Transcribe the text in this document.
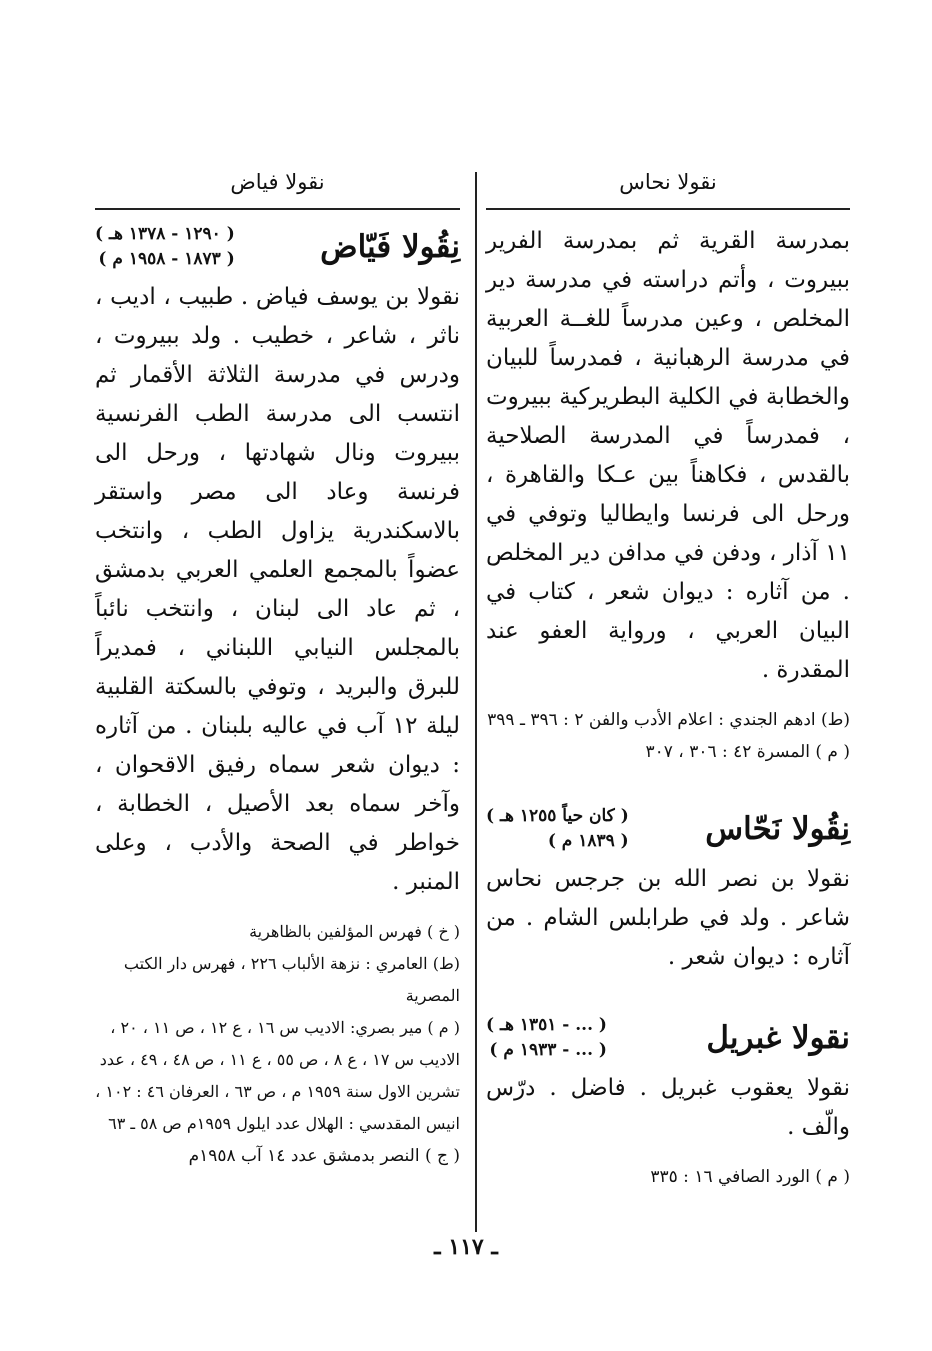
نقولا نحاس

بمدرسة القرية ثم بمدرسة الفرير ببيروت ، وأتم دراسته في مدرسة دير المخلص ، وعين مدرساً للغــة العربية في مدرسة الرهبانية ، فمدرساً للبيان والخطابة في الكلية البطريركية ببيروت ، فمدرساً في المدرسة الصلاحية بالقدس ، فكاهناً بين عـكا والقاهرة ، ورحل الى فرنسا وايطاليا وتوفي في ١١ آذار ، ودفن في مدافن دير المخلص . من آثاره : ديوان شعر ، كتاب في البيان العربي ، ورواية العفو عند المقدرة .

(ط) ادهم الجندي : اعلام الأدب والفن ٢ : ٣٩٦ ـ ٣٩٩

( م ) المسرة ٤٢ : ٣٠٦ ، ٣٠٧

نِقُولا نَحّاس
( كان حياً ١٢٥٥ هـ )
( ١٨٣٩ م )

نقولا بن نصر الله بن جرجس نحاس شاعر . ولد في طرابلس الشام . من آثاره : ديوان شعر .

نقولا غبريل
( ... - ١٣٥١ هـ )
( ... - ١٩٣٣ م )

نقولا يعقوب غبريل . فاضل . درّس والّف .

( م ) الورد الصافي ١٦ : ٣٣٥

نقولا فياض
نِقُولا فَيّاض
( ١٢٩٠ - ١٣٧٨ هـ )
( ١٨٧٣ - ١٩٥٨ م )

نقولا بن يوسف فياض . طبيب ، اديب ، ناثر ، شاعر ، خطيب . ولد ببيروت ، ودرس في مدرسة الثلاثة الأقمار ثم انتسب الى مدرسة الطب الفرنسية ببيروت ونال شهادتها ، ورحل الى فرنسة وعاد الى مصر واستقر بالاسكندرية يزاول الطب ، وانتخب عضواً بالمجمع العلمي العربي بدمشق ، ثم عاد الى لبنان ، وانتخب نائباً بالمجلس النيابي اللبناني ، فمديراً للبرق والبريد ، وتوفي بالسكتة القلبية ليلة ١٢ آب في عاليه بلبنان . من آثاره : ديوان شعر سماه رفيق الاقحوان ، وآخر سماه بعد الأصيل ، الخطابة ، خواطر في الصحة والأدب ، وعلى المنبر .

( خ ) فهرس المؤلفين بالظاهرية

(ط) العامري : نزهة الألباب ٢٢٦ ، فهرس دار الكتب المصرية

( م ) مير بصري: الاديب س ١٦ ، ع ١٢ ، ص ١١ ، ٢٠ ، الاديب س ١٧ ، ع ٨ ، ص ٥٥ ، ع ١١ ، ص ٤٨ ، ٤٩ ، عدد تشرين الاول سنة ١٩٥٩ م ، ص ٦٣ ، العرفان ٤٦ : ١٠٢ ، انيس المقدسي : الهلال عدد ايلول ١٩٥٩م ص ٥٨ ـ ٦٣

( ج ) النصر بدمشق عدد ١٤ آب ١٩٥٨م

ـ ١١٧ ـ
